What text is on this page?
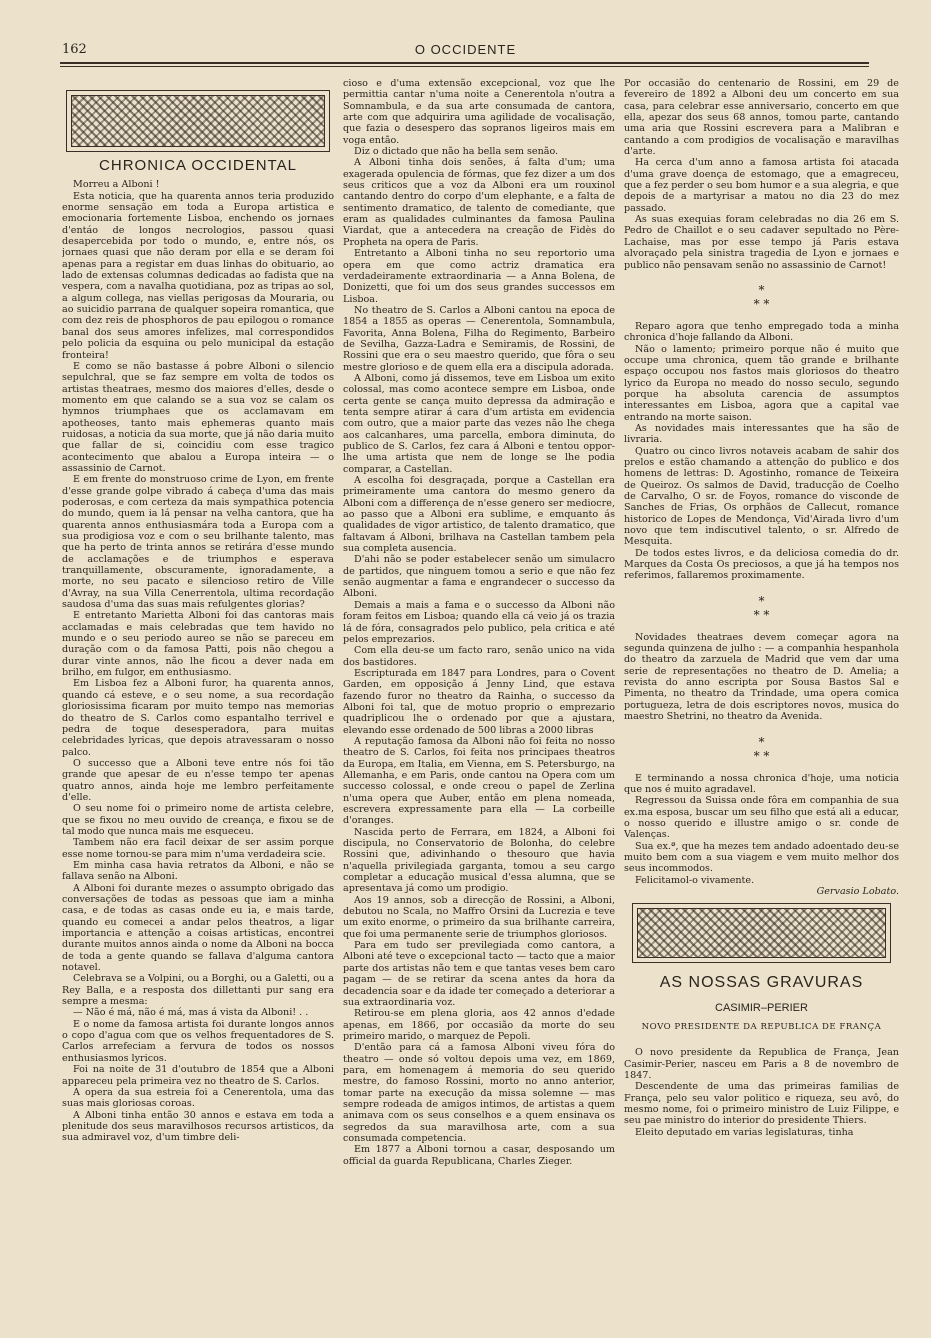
162	O OCCIDENTE
CHRONICA OCCIDENTAL

Morreu a Alboni !

Esta noticia, que ha quarenta annos teria produzido enorme sensação em toda a Europa artistica e emocionaria fortemente Lisboa, enchendo os jornaes d'entáo de longos necrologios, passou quasi desapercebida por todo o mundo, e, entre nós, os jornaes quasi que não deram por ella e se deram foi apenas para a registar em duas linhas do obituario, ao lado de extensas columnas dedicadas ao fadista que na vespera, com a navalha quotidiana, poz as tripas ao sol, a algum collega, nas viellas perigosas da Mouraria, ou ao suicidio parrana de qualquer sopeira romantica, que com dez reis de phosphoros de pau epilogou o romance banal dos seus amores infelizes, mal correspondidos pelo policia da esquina ou pelo municipal da estação fronteira!

E como se não bastasse á pobre Alboni o silencio sepulchral, que se faz sempre em volta de todos os artistas theatraes, mesmo dos maiores d'elles, desde o momento em que calando se a sua voz se calam os hymnos triumphaes que os acclamavam em apotheoses, tanto mais ephemeras quanto mais ruidosas, a noticia da sua morte, que já não daria muito que fallar de si, coincidiu com esse tragico acontecimento que abalou a Europa inteira — o assassinio de Carnot.

E em frente do monstruoso crime de Lyon, em frente d'esse grande golpe vibrado á cabeça d'uma das mais poderosas, e com certeza da mais sympathica potencia do mundo, quem ia lá pensar na velha cantora, que ha quarenta annos enthusiasmára toda a Europa com a sua prodigiosa voz e com o seu brilhante talento, mas que ha perto de trinta annos se retirára d'esse mundo de acclamações e de triumphos e esperava tranquillamente, obscuramente, ignoradamente, a morte, no seu pacato e silencioso retiro de Ville d'Avray, na sua Villa Cenerrentola, ultima recordação saudosa d'uma das suas mais refulgentes glorias?

E entretanto Marietta Alboni foi das cantoras mais acclamadas e mais celebradas que tem havido no mundo e o seu periodo aureo se não se pareceu em duração com o da famosa Patti, pois não chegou a durar vinte annos, não lhe ficou a dever nada em brilho, em fulgor, em enthusiasmo.

Em Lisboa fez a Alboni furor, ha quarenta annos, quando cá esteve, e o seu nome, a sua recordação gloriosissima ficaram por muito tempo nas memorias do theatro de S. Carlos como espantalho terrivel e pedra de toque desesperadora, para muitas celebridades lyricas, que depois atravessaram o nosso palco.

O successo que a Alboni teve entre nós foi tão grande que apesar de eu n'esse tempo ter apenas quatro annos, ainda hoje me lembro perfeitamente d'elle.

O seu nome foi o primeiro nome de artista celebre, que se fixou no meu ouvido de creança, e fixou se de tal modo que nunca mais me esqueceu.

Tambem não era facil deixar de ser assim porque esse nome tornou-se para mim n'uma verdadeira scie.

Em minha casa havia retratos da Alboni, e não se fallava senão na Alboni.

A Alboni foi durante mezes o assumpto obrigado das conversações de todas as pessoas que iam a minha casa, e de todas as casas onde eu ia, e mais tarde, quando eu comecei a andar pelos theatros, a ligar importancia e attenção a coisas artisticas, encontrei durante muitos annos ainda o nome da Alboni na bocca de toda a gente quando se fallava d'alguma cantora notavel.

Celebrava se a Volpini, ou a Borghi, ou a Galetti, ou a Rey Balla, e a resposta dos dillettanti pur sang era sempre a mesma:

— Não é má, não é má, mas á vista da Alboni! . .

E o nome da famosa artista foi durante longos annos o copo d'agua com que os velhos frequentadores de S. Carlos arrefeciam a fervura de todos os nossos enthusiasmos lyricos.

Foi na noite de 31 d'outubro de 1854 que a Alboni appareceu pela primeira vez no theatro de S. Carlos.

A opera da sua estreia foi a Cenerentola, uma das suas mais gloriosas coroas.

A Alboni tinha então 30 annos e estava em toda a plenitude dos seus maravilhosos recursos artisticos, da sua admiravel voz, d'um timbre deli-

cioso e d'uma extensão excepcional, voz que lhe permittia cantar n'uma noite a Cenerentola n'outra a Somnambula, e da sua arte consumada de cantora, arte com que adquirira uma agilidade de vocalisação, que fazia o desespero das sopranos ligeiros mais em voga então.

Diz o dictado que não ha bella sem senão.

A Alboni tinha dois senões, á falta d'um; uma exagerada opulencia de fórmas, que fez dizer a um dos seus criticos que a voz da Alboni era um rouxinol cantando dentro do corpo d'um elephante, e a falta de sentimento dramatico, de talento de comediante, que eram as qualidades culminantes da famosa Paulina Viardat, que a antecedera na creação de Fidès do Propheta na opera de Paris.

Entretanto a Alboni tinha no seu reportorio uma opera em que como actriz dramatica era verdadeiramente extraordinaria — a Anna Bolena, de Donizetti, que foi um dos seus grandes successos em Lisboa.

No theatro de S. Carlos a Alboni cantou na epoca de 1854 a 1855 as operas — Cenerentola, Somnambula, Favorita, Anna Bolena, Filha do Regimento, Barbeiro de Sevilha, Gazza-Ladra e Semiramis, de Rossini, de Rossini que era o seu maestro querido, que fôra o seu mestre glorioso e de quem ella era a discipula adorada.

A Alboni, como já dissemos, teve em Lisboa um exito colossal, mas como acontece sempre em Lisboa, onde certa gente se cança muito depressa da admiração e tenta sempre atirar á cara d'um artista em evidencia com outro, que a maior parte das vezes não lhe chega aos calcanhares, uma parcella, embora diminuta, do publico de S. Carlos, fez cara á Alboni e tentou oppor-lhe uma artista que nem de longe se lhe podia comparar, a Castellan.

A escolha foi desgraçada, porque a Castellan era primeiramente uma cantora do mesmo genero da Alboni com a differença de n'esse genero ser mediocre, ao passo que a Alboni era sublime, e emquanto ás qualidades de vigor artistico, de talento dramatico, que faltavam á Alboni, brilhava na Castellan tambem pela sua completa ausencia.

D'ahi não se poder estabelecer senão um simulacro de partidos, que ninguem tomou a serio e que não fez senão augmentar a fama e engrandecer o successo da Alboni.

Demais a mais a fama e o successo da Alboni não foram feitos em Lisboa; quando ella cá veio já os trazia lá de fóra, consagrados pelo publico, pela critica e até pelos emprezarios.

Com ella deu-se um facto raro, senão unico na vida dos bastidores.

Escripturada em 1847 para Londres, para o Covent Garden, em opposição á Jenny Lind, que estava fazendo furor no theatro da Rainha, o successo da Alboni foi tal, que de motuo proprio o emprezario quadriplicou lhe o ordenado por que a ajustara, elevando esse ordenado de 500 libras a 2000 libras

A reputação famosa da Alboni não foi feita no nosso theatro de S. Carlos, foi feita nos principaes theatros da Europa, em Italia, em Vienna, em S. Petersburgo, na Allemanha, e em Paris, onde cantou na Opera com um successo colossal, e onde creou o papel de Zerlina n'uma opera que Auber, então em plena nomeada, escrevera expressamente para ella — La corbeille d'oranges.

Nascida perto de Ferrara, em 1824, a Alboni foi discipula, no Conservatorio de Bolonha, do celebre Rossini que, adivinhando o thesouro que havia n'aquella privilegiada garganta, tomou a seu cargo completar a educação musical d'essa alumna, que se apresentava já como um prodigio.

Aos 19 annos, sob a direcção de Rossini, a Alboni, debutou no Scala, no Maffro Orsini da Lucrezia e teve um exito enorme, o primeiro da sua brilhante carreira, que foi uma permanente serie de triumphos gloriosos.

Para em tudo ser previlegiada como cantora, a Alboni até teve o excepcional tacto — tacto que a maior parte dos artistas não tem e que tantas veses bem caro pagam — de se retirar da scena antes da hora da decadencia soar e da idade ter começado a deteriorar a sua extraordinaria voz.

Retirou-se em plena gloria, aos 42 annos d'edade apenas, em 1866, por occasião da morte do seu primeiro marido, o marquez de Pepoli.

D'então para cá a famosa Alboni viveu fóra do theatro — onde só voltou depois uma vez, em 1869, para, em homenagem á memoria do seu querido mestre, do famoso Rossini, morto no anno anterior, tomar parte na execução da missa solemne — mas sempre rodeada de amigos intimos, de artistas a quem animava com os seus conselhos e a quem ensinava os segredos da sua maravilhosa arte, com a sua consumada competencia.

Em 1877 a Alboni tornou a casar, desposando um official da guarda Republicana, Charles Zieger.

Por occasião do centenario de Rossini, em 29 de fevereiro de 1892 a Alboni deu um concerto em sua casa, para celebrar esse anniversario, concerto em que ella, apezar dos seus 68 annos, tomou parte, cantando uma aria que Rossini escrevera para a Malibran e cantando a com prodigios de vocalisação e maravilhas d'arte.

Ha cerca d'um anno a famosa artista foi atacada d'uma grave doença de estomago, que a emagreceu, que a fez perder o seu bom humor e a sua alegria, e que depois de a martyrisar a matou no dia 23 do mez passado.

As suas exequias foram celebradas no dia 26 em S. Pedro de Chaillot e o seu cadaver sepultado no Père-Lachaise, mas por esse tempo já Paris estava alvoraçado pela sinistra tragedia de Lyon e jornaes e publico não pensavam senão no assassinio de Carnot!

*
* *

Reparo agora que tenho empregado toda a minha chronica d'hoje fallando da Alboni.

Não o lamento; primeiro porque não é muito que occupe uma chronica, quem tão grande e brilhante espaço occupou nos fastos mais gloriosos do theatro lyrico da Europa no meado do nosso seculo, segundo porque ha absoluta carencia de assumptos interessantes em Lisboa, agora que a capital vae entrando na morte saison.

As novidades mais interessantes que ha são de livraria.

Quatro ou cinco livros notaveis acabam de sahir dos prelos e estão chamando a attenção do publico e dos homens de lettras: D. Agostinho, romance de Teixeira de Queiroz. Os salmos de David, traducção de Coelho de Carvalho, O sr. de Foyos, romance do visconde de Sanches de Frias, Os orphãos de Callecut, romance historico de Lopes de Mendonça, Vid'Airada livro d'um novo que tem indiscutivel talento, o sr. Alfredo de Mesquita.

De todos estes livros, e da deliciosa comedia do dr. Marques da Costa Os preciosos, a que já ha tempos nos referimos, fallaremos proximamente.

*
* *

Novidades theatraes devem começar agora na segunda quinzena de julho : — a companhia hespanhola do theatro da zarzuela de Madrid que vem dar uma serie de representações no theatro de D. Amelia; a revista do anno escripta por Sousa Bastos Sal e Pimenta, no theatro da Trindade, uma opera comica portugueza, letra de dois escriptores novos, musica do maestro Shetrini, no theatro da Avenida.

*
* *

E terminando a nossa chronica d'hoje, uma noticia que nos é muito agradavel.

Regressou da Suissa onde fôra em companhia de sua ex.ma esposa, buscar um seu filho que está ali a educar, o nosso querido e illustre amigo o sr. conde de Valenças.

Sua ex.ª, que ha mezes tem andado adoentado deu-se muito bem com a sua viagem e vem muito melhor dos seus incommodos.

Felicitamol-o vivamente.

Gervasio Lobato.

AS NOSSAS GRAVURAS
CASIMIR–PERIER
NOVO PRESIDENTE DA REPUBLICA DE FRANÇA

O novo presidente da Republica de França, Jean Casimir-Perier, nasceu em Paris a 8 de novembro de 1847.

Descendente de uma das primeiras familias de França, pelo seu valor politico e riqueza, seu avô, do mesmo nome, foi o primeiro ministro de Luiz Filippe, e seu pae ministro do interior do presidente Thiers.

Eleito deputado em varias legislaturas, tinha
